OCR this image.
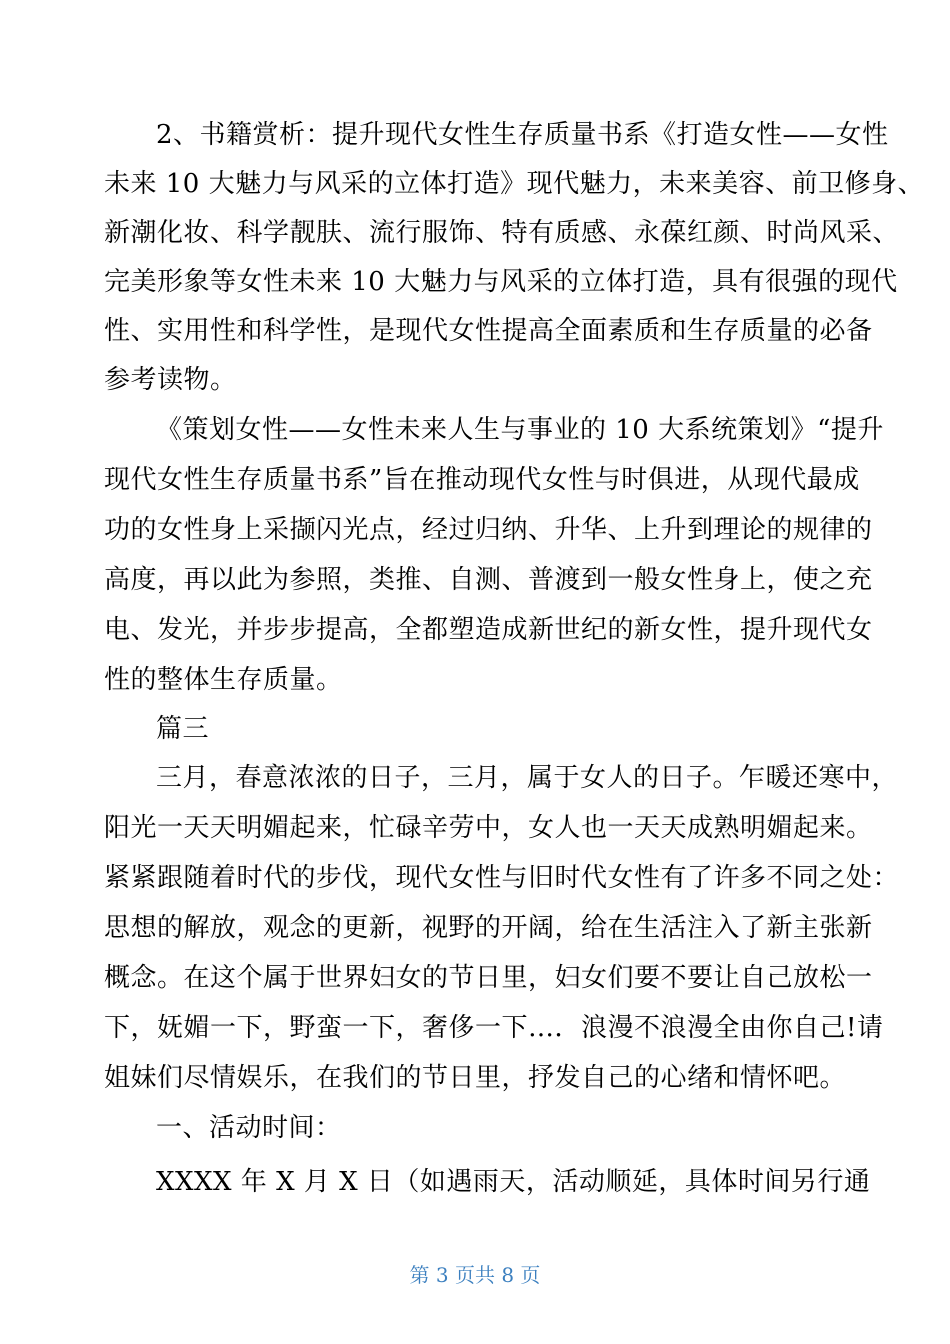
2、书籍赏析：提升现代女性生存质量书系《打造女性——女性
未来 10 大魅力与风采的立体打造》现代魅力，未来美容、前卫修身、
新潮化妆、科学靓肤、流行服饰、特有质感、永葆红颜、时尚风采、
完美形象等女性未来 10 大魅力与风采的立体打造，具有很强的现代
性、实用性和科学性，是现代女性提高全面素质和生存质量的必备
参考读物。
《策划女性——女性未来人生与事业的 10 大系统策划》“提升
现代女性生存质量书系”旨在推动现代女性与时俱进，从现代最成
功的女性身上采撷闪光点，经过归纳、升华、上升到理论的规律的
高度，再以此为参照，类推、自测、普渡到一般女性身上，使之充
电、发光，并步步提高，全都塑造成新世纪的新女性，提升现代女
性的整体生存质量。
篇三
三月，春意浓浓的日子，三月，属于女人的日子。乍暖还寒中，
阳光一天天明媚起来，忙碌辛劳中，女人也一天天成熟明媚起来。
紧紧跟随着时代的步伐，现代女性与旧时代女性有了许多不同之处：
思想的解放，观念的更新，视野的开阔，给在生活注入了新主张新
概念。在这个属于世界妇女的节日里，妇女们要不要让自己放松一
下，妩媚一下，野蛮一下，奢侈一下…．浪漫不浪漫全由你自己!请
姐妹们尽情娱乐，在我们的节日里，抒发自己的心绪和情怀吧。
一、活动时间：
XXXX 年 X 月 X 日（如遇雨天，活动顺延，具体时间另行通
第 3 页共 8 页
